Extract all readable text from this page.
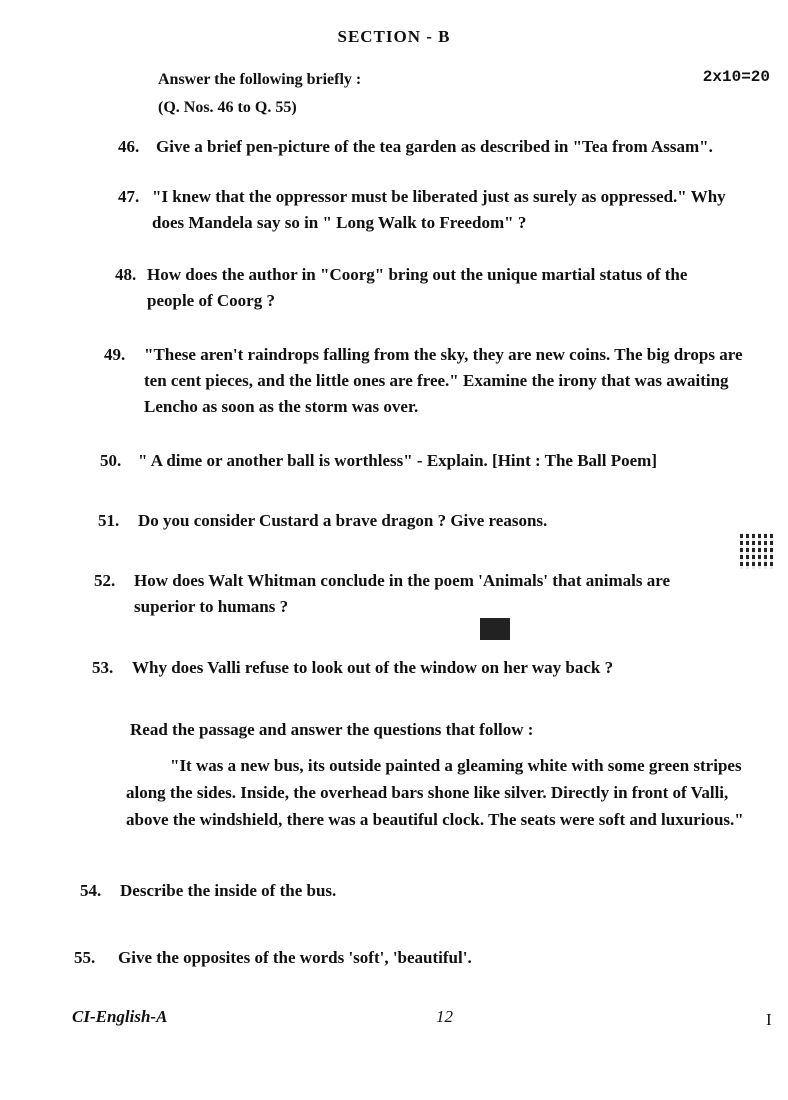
SECTION - B
Answer the following briefly :
(Q. Nos. 46 to Q. 55)
2x10=20
46. Give a brief pen-picture of the tea garden as described in "Tea from Assam".
47. "I knew that the oppressor must be liberated just as surely as oppressed." Why does Mandela say so in " Long Walk to Freedom" ?
48. How does the author in "Coorg" bring out the unique martial status of the people of Coorg ?
49. "These aren't raindrops falling from the sky, they are new coins. The big drops are ten cent pieces, and the little ones are free." Examine the irony that was awaiting Lencho as soon as the storm was over.
50. " A dime or another ball is worthless" - Explain. [Hint : The Ball Poem]
51. Do you consider Custard a brave dragon ? Give reasons.
52. How does Walt Whitman conclude in the poem 'Animals' that animals are superior to humans ?
53. Why does Valli refuse to look out of the window on her way back ?
Read the passage and answer the questions that follow :
"It was a new bus, its outside painted a gleaming white with some green stripes along the sides. Inside, the overhead bars shone like silver. Directly in front of Valli, above the windshield, there was a beautiful clock. The seats were soft and luxurious."
54. Describe the inside of the bus.
55. Give the opposites of the words 'soft', 'beautiful'.
CI-English-A	12	I
